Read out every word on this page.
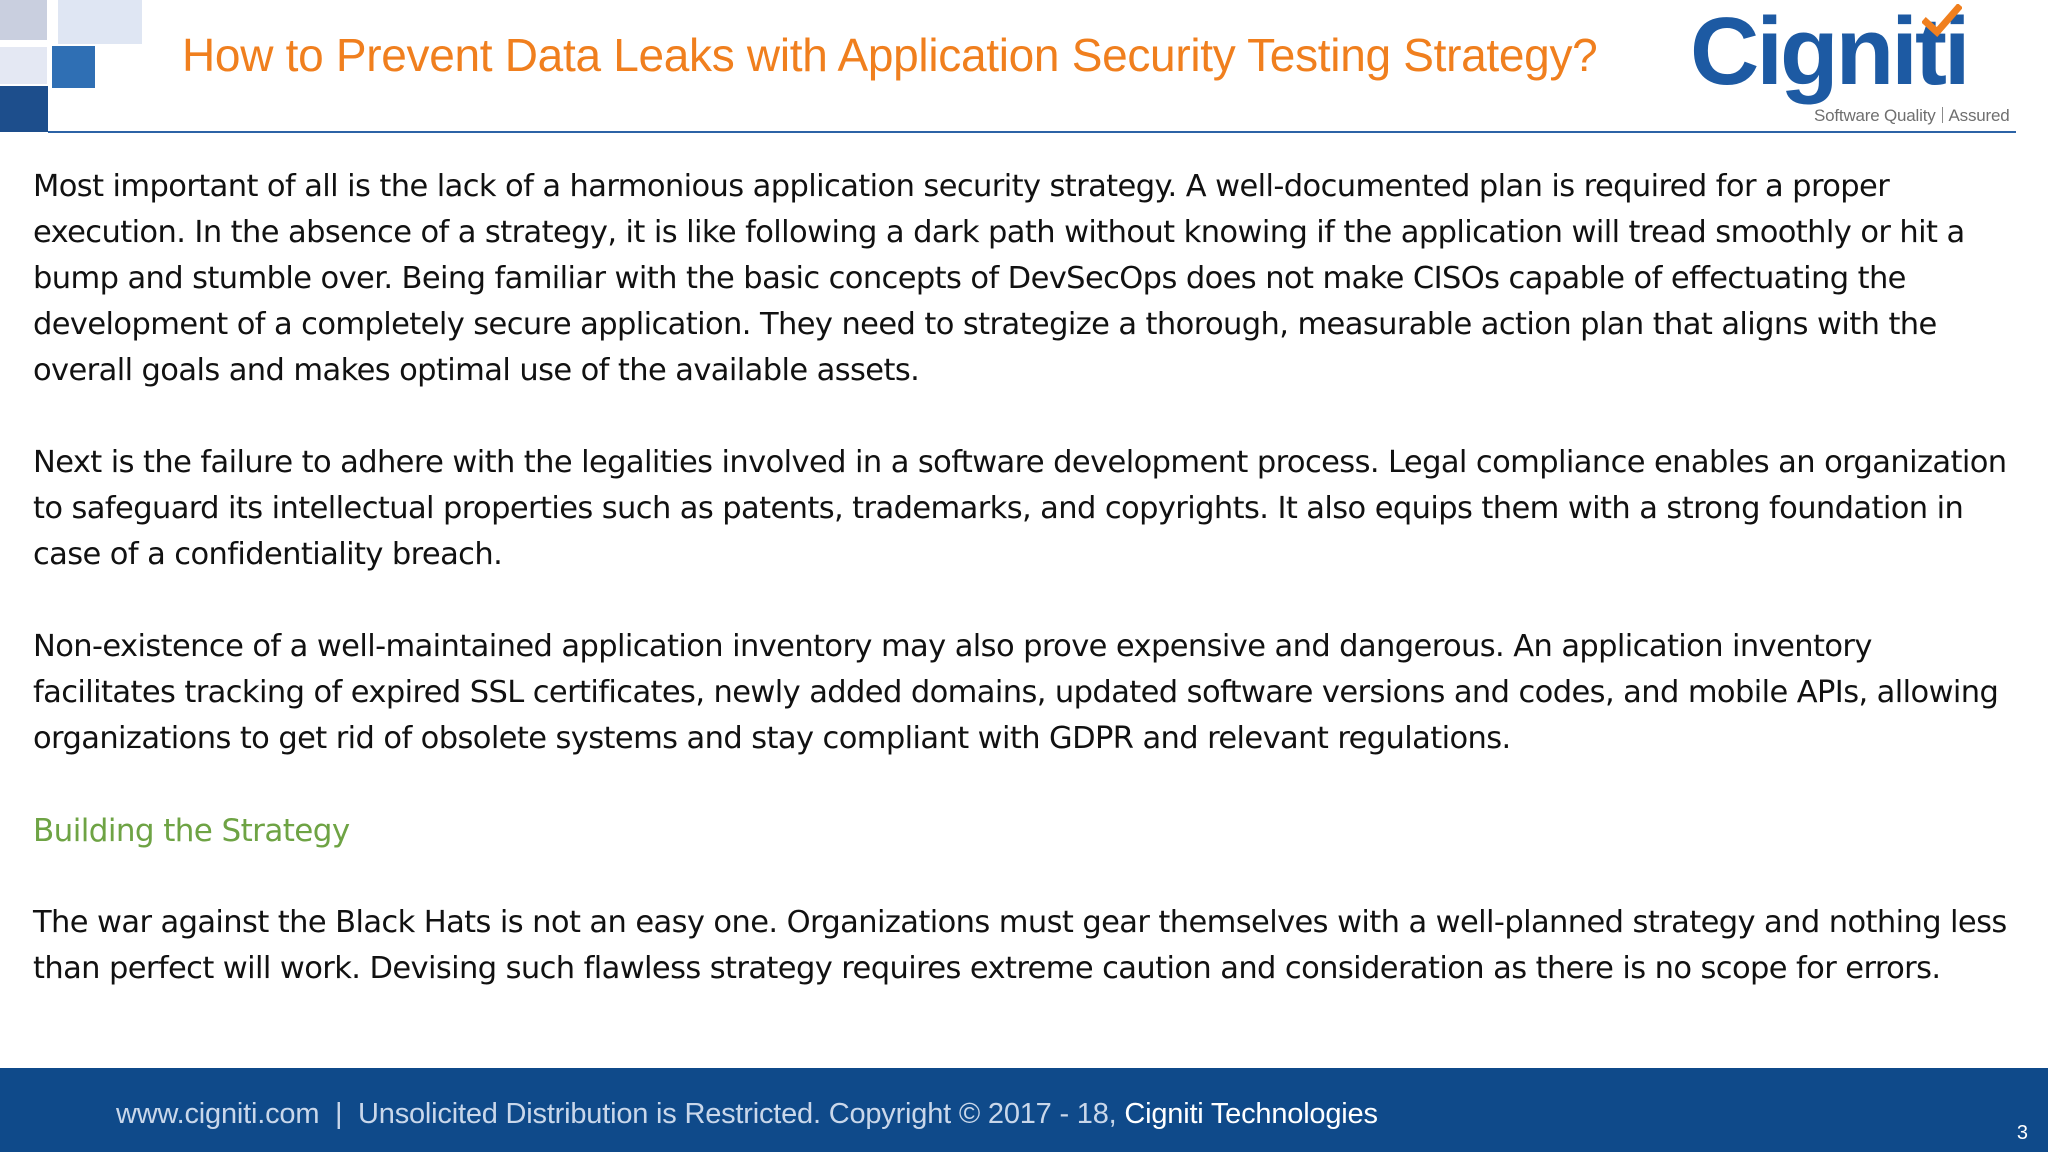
How to Prevent Data Leaks with Application Security Testing Strategy? Cigniti
Software Quality Assured

Most important of all is the lack of a harmonious application security strategy. A well-documented plan is required for a proper execution. In the absence of a strategy, it is like following a dark path without knowing if the application will tread smoothly or hit a bump and stumble over. Being familiar with the basic concepts of DevSecOps does not make CISOs capable of effectuating the development of a completely secure application. They need to strategize a thorough, measurable action plan that aligns with the overall goals and makes optimal use of the available assets.

Next is the failure to adhere with the legalities involved in a software development process. Legal compliance enables an organization to safeguard its intellectual properties such as patents, trademarks, and copyrights. It also equips them with a strong foundation in case of a confidentiality breach.

Non-existence of a well-maintained application inventory may also prove expensive and dangerous. An application inventory facilitates tracking of expired SSL certificates, newly added domains, updated software versions and codes, and mobile APIs, allowing organizations to get rid of obsolete systems and stay compliant with GDPR and relevant regulations.

Building the Strategy

The war against the Black Hats is not an easy one. Organizations must gear themselves with a well-planned strategy and nothing less than perfect will work. Devising such flawless strategy requires extreme caution and consideration as there is no scope for errors.

www.cigniti.com  |  Unsolicited Distribution is Restricted. Copyright © 2017 - 18, Cigniti Technologies
3
